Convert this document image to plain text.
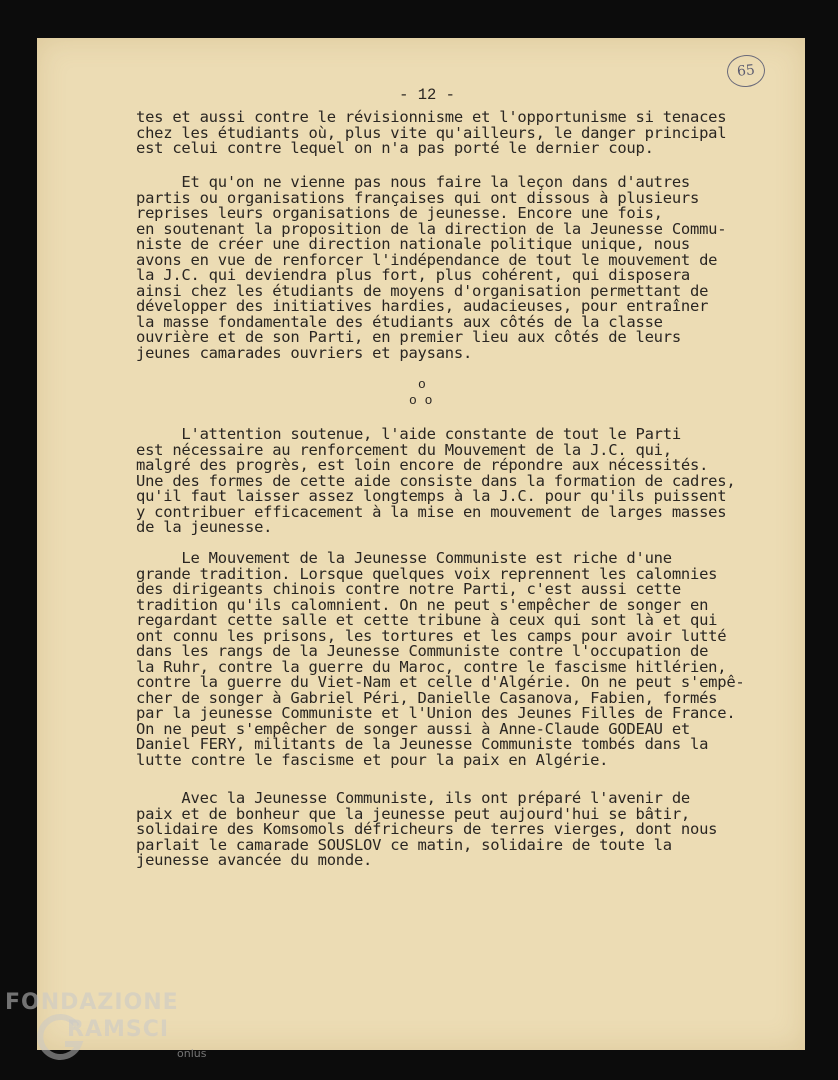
65
- 12 -
tes et aussi contre le révisionnisme et l'opportunisme si tenaces
chez les étudiants où, plus vite qu'ailleurs, le danger principal
est celui contre lequel on n'a pas porté le dernier coup.
Et qu'on ne vienne pas nous faire la leçon dans d'autres
partis ou organisations françaises qui ont dissous à plusieurs
reprises leurs organisations de jeunesse. Encore une fois,
en soutenant la proposition de la direction de la Jeunesse Commu-
niste de créer une direction nationale politique unique, nous
avons en vue de renforcer l'indépendance de tout le mouvement de
la J.C. qui deviendra plus fort, plus cohérent, qui disposera
ainsi chez les étudiants de moyens d'organisation permettant de
développer des initiatives hardies, audacieuses, pour entraîner
la masse fondamentale des étudiants aux côtés de la classe
ouvrière et de son Parti, en premier lieu aux côtés de leurs
jeunes camarades ouvriers et paysans.
o
o o
L'attention soutenue, l'aide constante de tout le Parti
est nécessaire au renforcement du Mouvement de la J.C. qui,
malgré des progrès, est loin encore de répondre aux nécessités.
Une des formes de cette aide consiste dans la formation de cadres,
qu'il faut laisser assez longtemps à la J.C. pour qu'ils puissent
y contribuer efficacement à la mise en mouvement de larges masses
de la jeunesse.
Le Mouvement de la Jeunesse Communiste est riche d'une
grande tradition. Lorsque quelques voix reprennent les calomnies
des dirigeants chinois contre notre Parti, c'est aussi cette
tradition qu'ils calomnient. On ne peut s'empêcher de songer en
regardant cette salle et cette tribune à ceux qui sont là et qui
ont connu les prisons, les tortures et les camps pour avoir lutté
dans les rangs de la Jeunesse Communiste contre l'occupation de
la Ruhr, contre la guerre du Maroc, contre le fascisme hitlérien,
contre la guerre du Viet-Nam et celle d'Algérie. On ne peut s'empê-
cher de songer à Gabriel Péri, Danielle Casanova, Fabien, formés
par la jeunesse Communiste et l'Union des Jeunes Filles de France.
On ne peut s'empêcher de songer aussi à Anne-Claude GODEAU et
Daniel FERY, militants de la Jeunesse Communiste tombés dans la
lutte contre le fascisme et pour la paix en Algérie.
Avec la Jeunesse Communiste, ils ont préparé l'avenir de
paix et de bonheur que la jeunesse peut aujourd'hui se bâtir,
solidaire des Komsomols défricheurs de terres vierges, dont nous
parlait le camarade SOUSLOV ce matin, solidaire de toute la
jeunesse avancée du monde.
FONDAZIONE
RAMSCI
onlus
